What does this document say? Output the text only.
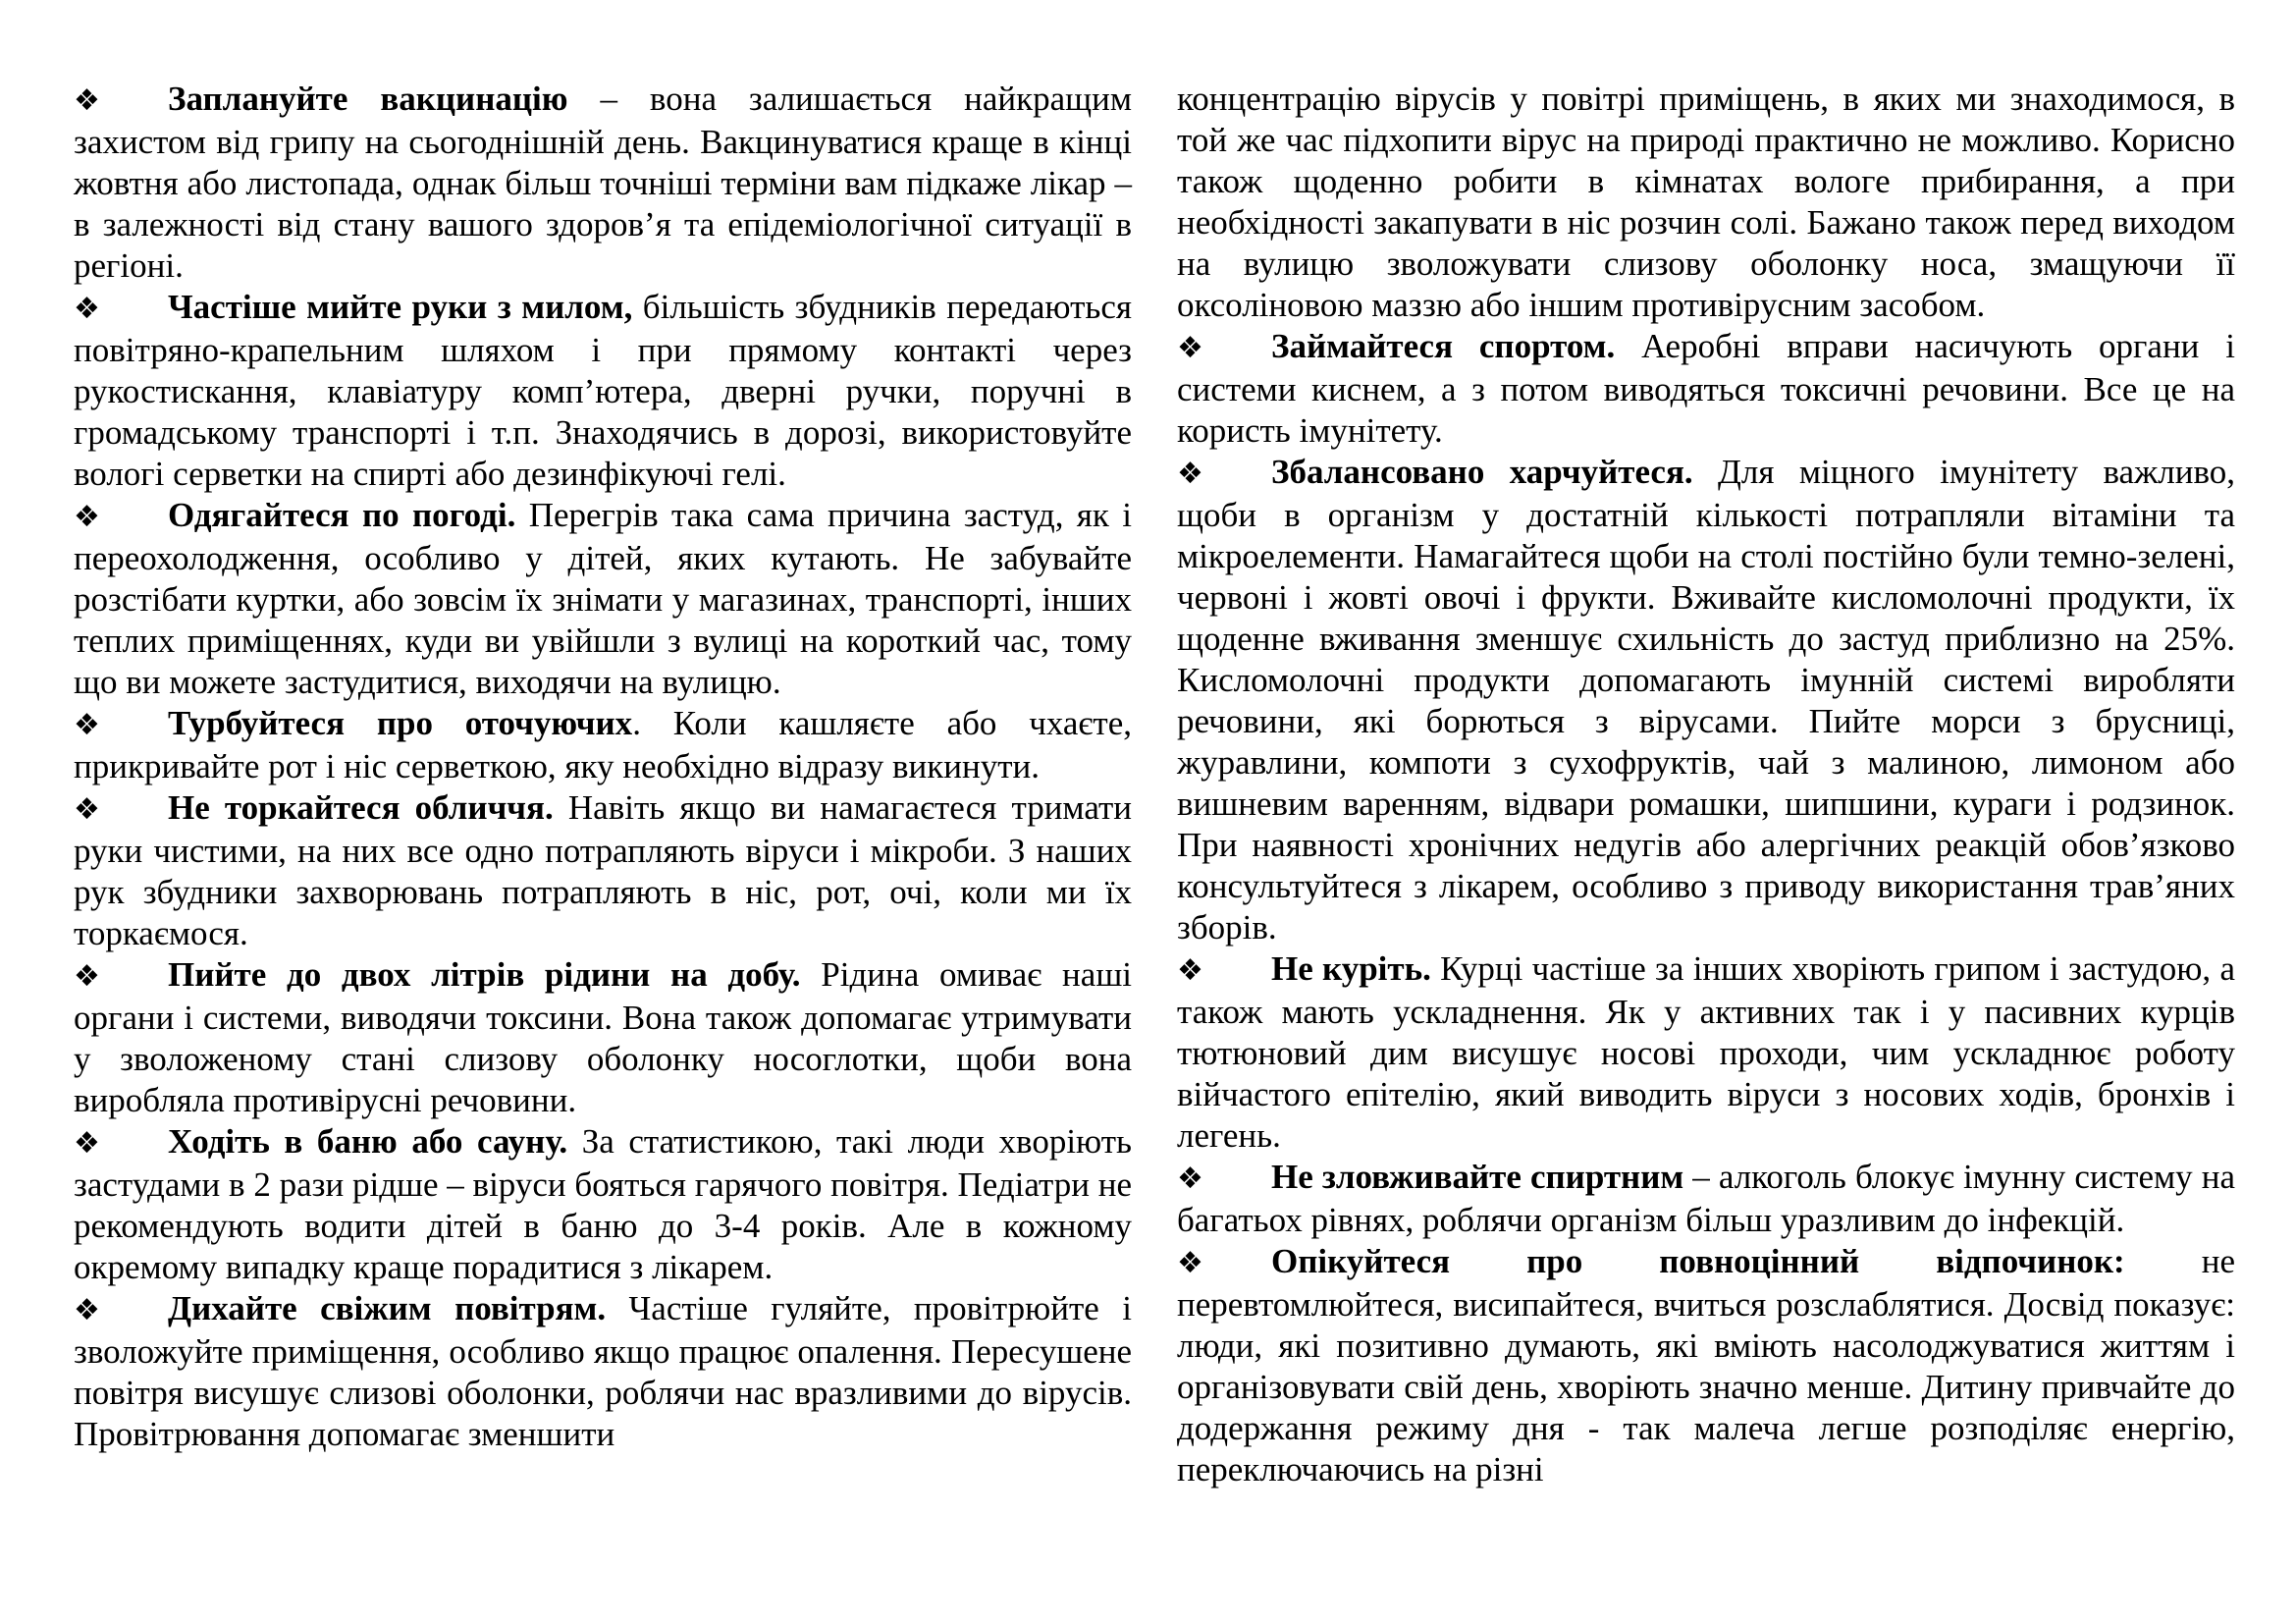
❖ Заплануйте вакцинацію – вона залишається найкращим захистом від грипу на сьогоднішній день. Вакцинуватися краще в кінці жовтня або листопада, однак більш точніші терміни вам підкаже лікар – в залежності від стану вашого здоров’я та епідеміологічної ситуації в регіоні.

❖ Частіше мийте руки з милом, більшість збудників передаються повітряно-крапельним шляхом і при прямому контакті через рукостискання, клавіатуру комп’ютера, дверні ручки, поручні в громадському транспорті і т.п. Знаходячись в дорозі, використовуйте вологі серветки на спирті або дезинфікуючі гелі.

❖ Одягайтеся по погоді. Перегрів така сама причина застуд, як і переохолодження, особливо у дітей, яких кутають. Не забувайте розстібати куртки, або зовсім їх знімати у магазинах, транспорті, інших теплих приміщеннях, куди ви увійшли з вулиці на короткий час, тому що ви можете застудитися, виходячи на вулицю.

❖ Турбуйтеся про оточуючих. Коли кашляєте або чхаєте, прикривайте рот і ніс серветкою, яку необхідно відразу викинути.

❖ Не торкайтеся обличчя. Навіть якщо ви намагаєтеся тримати руки чистими, на них все одно потрапляють віруси і мікроби. З наших рук збудники захворювань потрапляють в ніс, рот, очі, коли ми їх торкаємося.

❖ Пийте до двох літрів рідини на добу. Рідина омиває наші органи і системи, виводячи токсини. Вона також допомагає утримувати у зволоженому стані слизову оболонку носоглотки, щоби вона виробляла противірусні речовини.

❖ Ходіть в баню або сауну. За статистикою, такі люди хворіють застудами в 2 рази рідше – віруси бояться гарячого повітря. Педіатри не рекомендують водити дітей в баню до 3-4 років. Але в кожному окремому випадку краще порадитися з лікарем.

❖ Дихайте свіжим повітрям. Частіше гуляйте, провітрюйте і зволожуйте приміщення, особливо якщо працює опалення. Пересушене повітря висушує слизові оболонки, роблячи нас вразливими до вірусів. Провітрювання допомагає зменшити

концентрацію вірусів у повітрі приміщень, в яких ми знаходимося, в той же час підхопити вірус на природі практично не можливо. Корисно також щоденно робити в кімнатах вологе прибирання, а при необхідності закапувати в ніс розчин солі. Бажано також перед виходом на вулицю зволожувати слизову оболонку носа, змащуючи її оксоліновою маззю або іншим противірусним засобом.

❖ Займайтеся спортом. Аеробні вправи насичують органи і системи киснем, а з потом виводяться токсичні речовини. Все це на користь імунітету.

❖ Збалансовано харчуйтеся. Для міцного імунітету важливо, щоби в організм у достатній кількості потрапляли вітаміни та мікроелементи. Намагайтеся щоби на столі постійно були темно-зелені, червоні і жовті овочі і фрукти. Вживайте кисломолочні продукти, їх щоденне вживання зменшує схильність до застуд приблизно на 25%. Кисломолочні продукти допомагають імунній системі виробляти речовини, які борються з вірусами. Пийте морси з брусниці, журавлини, компоти з сухофруктів, чай з малиною, лимоном або вишневим варенням, відвари ромашки, шипшини, кураги і родзинок. При наявності хронічних недугів або алергічних реакцій обов’язково консультуйтеся з лікарем, особливо з приводу використання трав’яних зборів.

❖ Не куріть. Курці частіше за інших хворіють грипом і застудою, а також мають ускладнення. Як у активних так і у пасивних курців тютюновий дим висушує носові проходи, чим ускладнює роботу війчастого епітелію, який виводить віруси з носових ходів, бронхів і легень.

❖ Не зловживайте спиртним – алкоголь блокує імунну систему на багатьох рівнях, роблячи організм більш уразливим до інфекцій.

❖ Опікуйтеся про повноцінний відпочинок: не перевтомлюйтеся, висипайтеся, вчиться розслаблятися. Досвід показує: люди, які позитивно думають, які вміють насолоджуватися життям і організовувати свій день, хворіють значно менше. Дитину привчайте до додержання режиму дня - так малеча легше розподіляє енергію, переключаючись на різні
